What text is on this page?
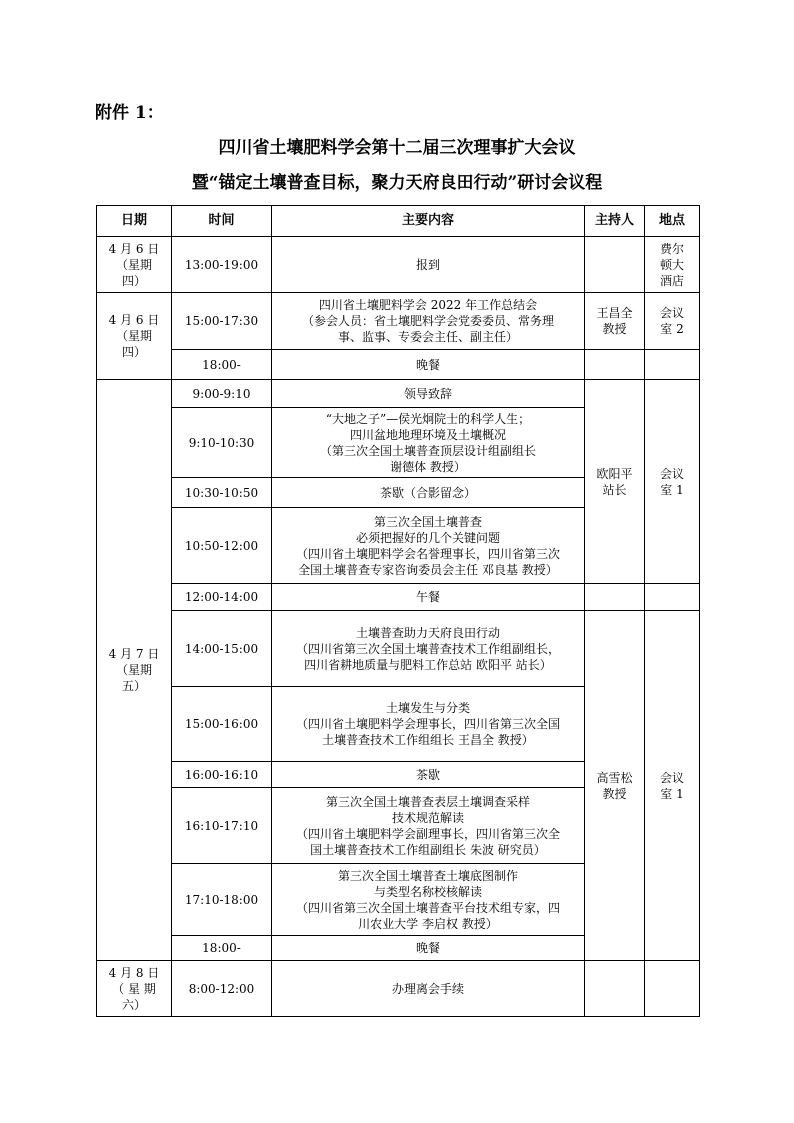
附件 1：
四川省土壤肥料学会第十二届三次理事扩大会议
暨“锚定土壤普查目标，聚力天府良田行动”研讨会议程
日期	时间	主要内容	主持人	地点	
4 月 6 日
（星期
四）	13:00-19:00	报到		费尔
顿大
酒店	
4 月 6 日
（星期
四）	15:00-17:30	四川省土壤肥料学会 2022 年工作总结会
（参会人员：省土壤肥料学会党委委员、常务理
事、监事、专委会主任、副主任）	王昌全
教授	会议
室 2	
	18:00-	晚餐			
4 月 7 日
（星期
五）	9:00-9:10	领导致辞	欧阳平
站长	会议
室 1	
	9:10-10:30	“大地之子”—侯光炯院士的科学人生；
四川盆地地理环境及土壤概况
（第三次全国土壤普查顶层设计组副组长
谢德体 教授）			
	10:30-10:50	茶歇（合影留念）			
	10:50-12:00	第三次全国土壤普查
必须把握好的几个关键问题
（四川省土壤肥料学会名誉理事长，四川省第三次
全国土壤普查专家咨询委员会主任 邓良基 教授）			
	12:00-14:00	午餐			
	14:00-15:00	土壤普查助力天府良田行动
（四川省第三次全国土壤普查技术工作组副组长，
四川省耕地质量与肥料工作总站 欧阳平 站长）	高雪松
教授	会议
室 1	
	15:00-16:00	土壤发生与分类
（四川省土壤肥料学会理事长，四川省第三次全国
土壤普查技术工作组组长 王昌全 教授）			
	16:00-16:10	茶歇			
	16:10-17:10	第三次全国土壤普查表层土壤调查采样
技术规范解读
（四川省土壤肥料学会副理事长，四川省第三次全
国土壤普查技术工作组副组长 朱波 研究员）			
	17:10-18:00	第三次全国土壤普查土壤底图制作
与类型名称校核解读
（四川省第三次全国土壤普查平台技术组专家，四
川农业大学 李启权 教授）			
	18:00-	晚餐			
4 月 8 日
（ 星 期
六）	8:00-12:00	办理离会手续			
